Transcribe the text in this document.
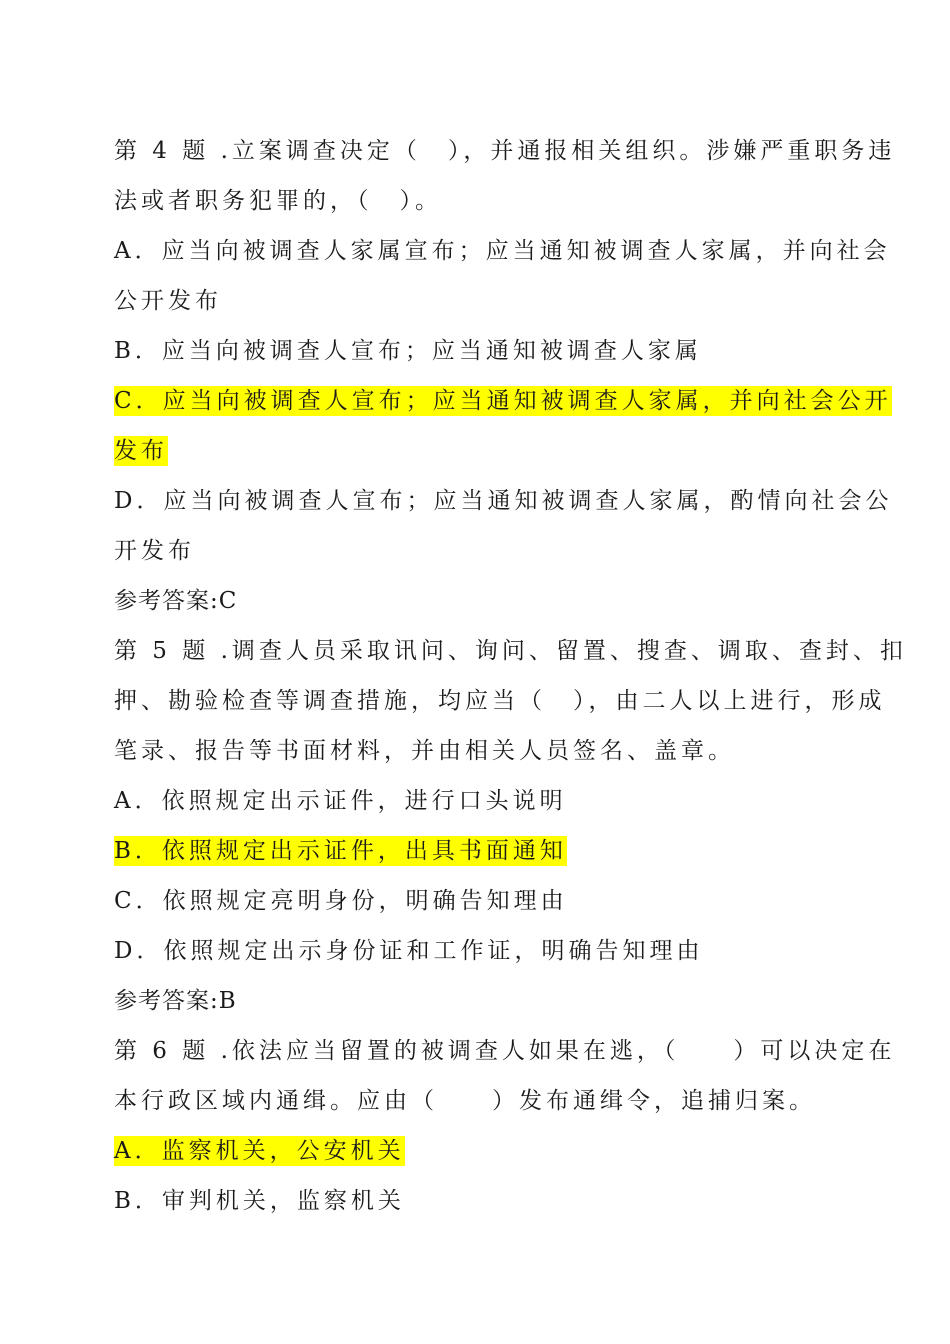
第 4 题 .立案调查决定（　），并通报相关组织。涉嫌严重职务违
法或者职务犯罪的，（　）。
A．应当向被调查人家属宣布；应当通知被调查人家属，并向社会
公开发布
B．应当向被调查人宣布；应当通知被调查人家属
C．应当向被调查人宣布；应当通知被调查人家属，并向社会公开
发布
D．应当向被调查人宣布；应当通知被调查人家属，酌情向社会公
开发布
参考答案:C
第 5 题 .调查人员采取讯问、询问、留置、搜查、调取、查封、扣
押、勘验检查等调查措施，均应当（　），由二人以上进行，形成
笔录、报告等书面材料，并由相关人员签名、盖章。
A．依照规定出示证件，进行口头说明
B．依照规定出示证件，出具书面通知
C．依照规定亮明身份，明确告知理由
D．依照规定出示身份证和工作证，明确告知理由
参考答案:B
第 6 题 .依法应当留置的被调查人如果在逃，（　　）可以决定在
本行政区域内通缉。应由（　　）发布通缉令，追捕归案。
A．监察机关，公安机关
B．审判机关，监察机关
